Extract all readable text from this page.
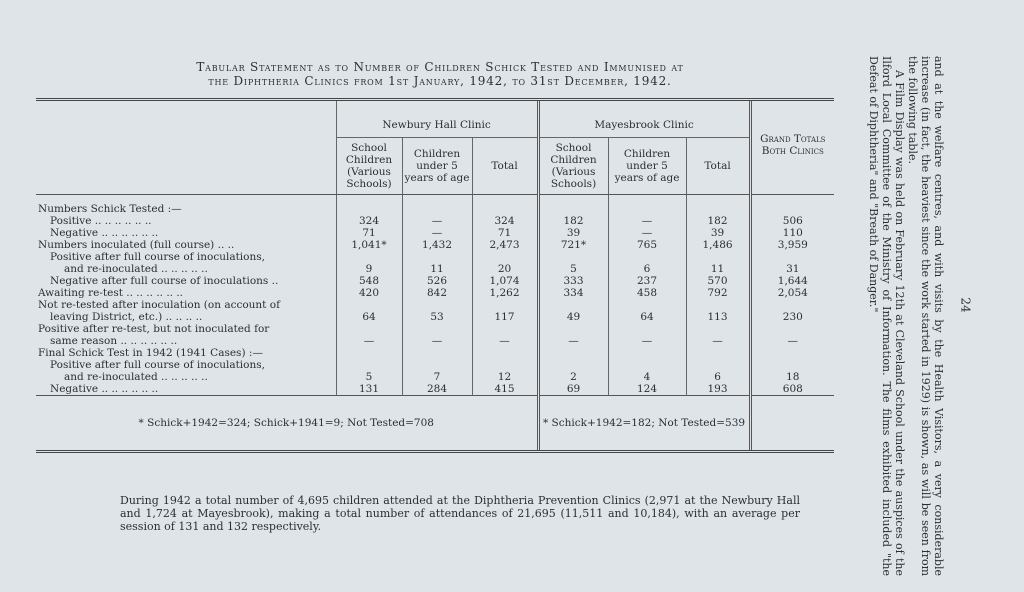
Tabular Statement as to Number of Children Schick Tested and Immunised at
the Diphtheria Clinics from 1st January, 1942, to 31st December, 1942.
	Newbury Hall Clinic			Mayesbrook Clinic			Grand Totals Both Clinics
	School Children (Various Schools)	Children under 5 years of age	Total	School Children (Various Schools)	Children under 5 years of age	Total	
Numbers Schick Tested :—							
Positive .. .. .. .. .. ..	324	—	324	182	—	182	506
Negative .. .. .. .. .. ..	71	—	71	39	—	39	110
Numbers inoculated (full course) .. ..	1,041*	1,432	2,473	721*	765	1,486	3,959
Positive after full course of inoculations,							
and re-inoculated .. .. .. .. ..	9	11	20	5	6	11	31
Negative after full course of inoculations ..	548	526	1,074	333	237	570	1,644
Awaiting re-test .. .. .. .. .. ..	420	842	1,262	334	458	792	2,054
Not re-tested after inoculation (on account of							
leaving District, etc.) .. .. .. ..	64	53	117	49	64	113	230
Positive after re-test, but not inoculated for							
same reason .. .. .. .. .. ..	—	—	—	—	—	—	—
Final Schick Test in 1942 (1941 Cases) :—							
Positive after full course of inoculations,							
and re-inoculated .. .. .. .. ..	5	7	12	2	4	6	18
Negative .. .. .. .. .. ..	131	284	415	69	124	193	608
* Schick+1942=324; Schick+1941=9; Not Tested=708				* Schick+1942=182; Not Tested=539			
During 1942 a total number of 4,695 children attended at the Diphtheria Prevention Clinics (2,971 at the Newbury Hall and 1,724 at Mayesbrook), making a total number of attendances of 21,695 (11,511 and 10,184), with an average per session of 131 and 132 respectively.	and at the welfare centres, and with visits by the Health Visitors, a very considerable increase (in fact, the heaviest since the work started in 1929) is shown, as will be seen from the following table.

A Film Display was held on February 12th at Cleveland School under the auspices of the Ilford Local Committee of the Ministry of Information. The films exhibited included "the Defeat of Diphtheria" and "Breath of Danger."	24
